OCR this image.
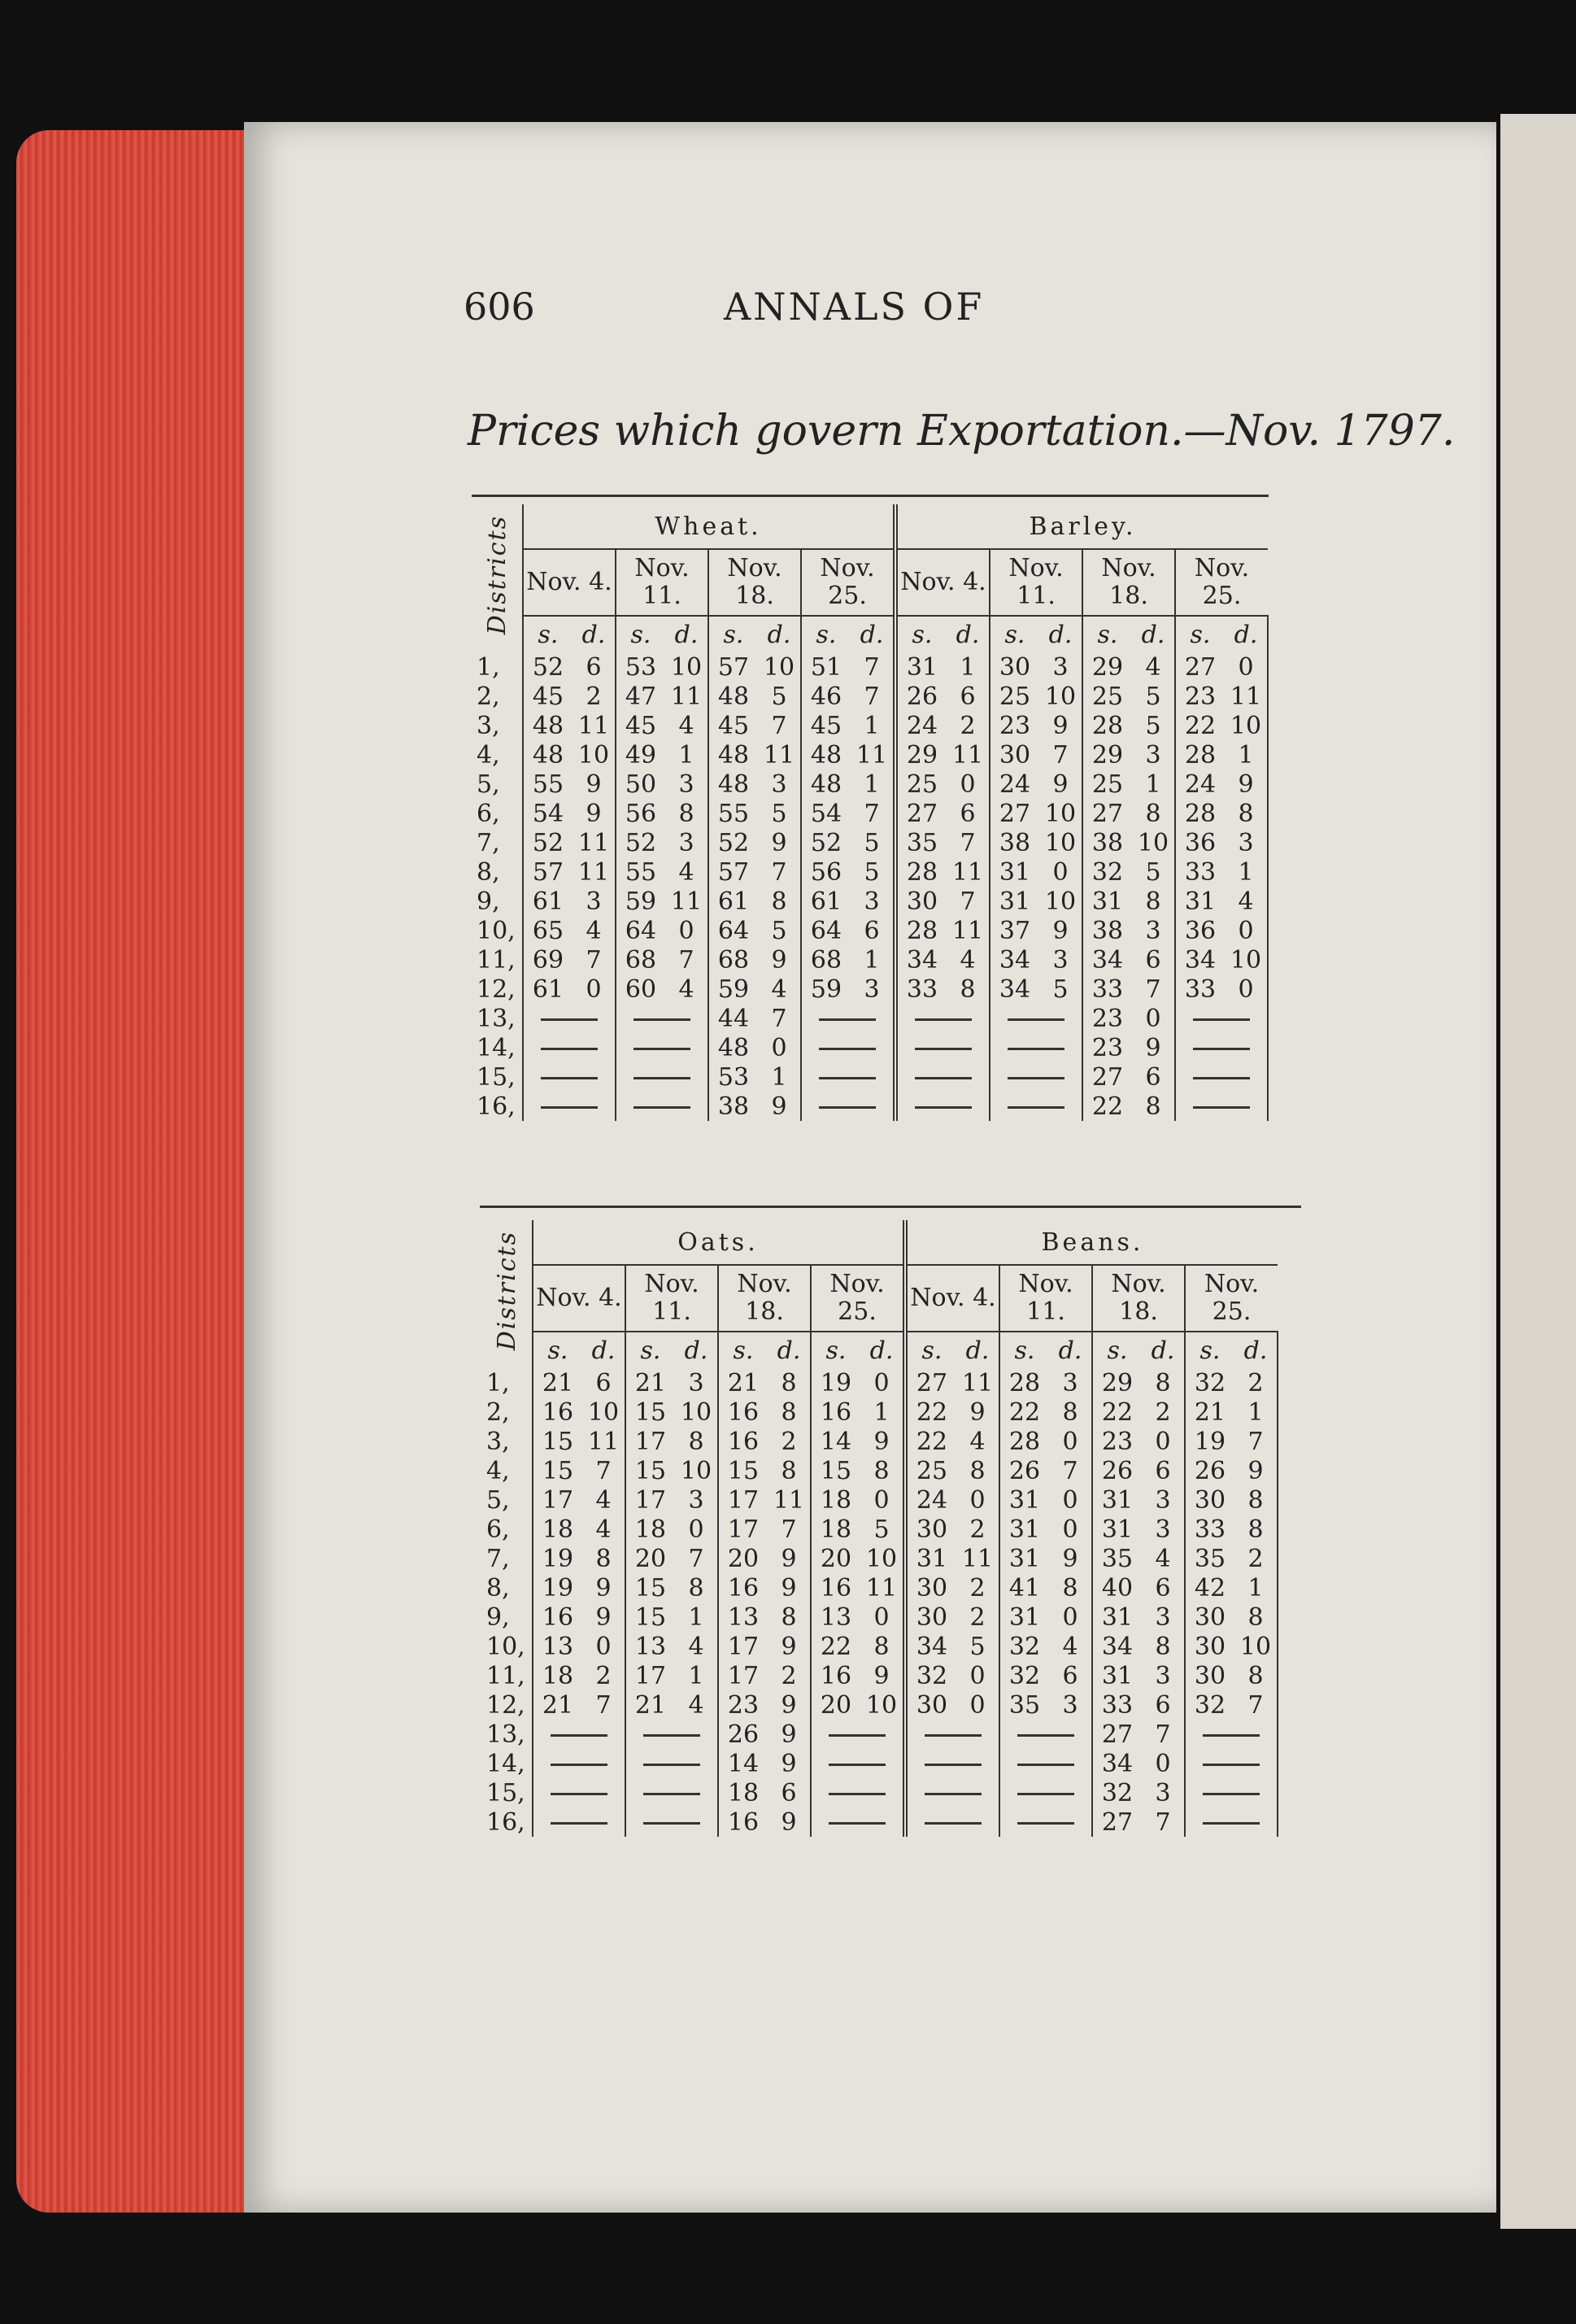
606	ANNALS OF
Prices which govern Exportation.—Nov. 1797.
Districts	Wheat.								Barley.							
	Nov. 4.		Nov. 11.		Nov. 18.		Nov. 25.		Nov. 4.		Nov. 11.		Nov. 18.		Nov. 25.	
	s.	d.	s.	d.	s.	d.	s.	d.	s.	d.	s.	d.	s.	d.	s.	d.
1,	52	6	53	10	57	10	51	7	31	1	30	3	29	4	27	0
2,	45	2	47	11	48	5	46	7	26	6	25	10	25	5	23	11
3,	48	11	45	4	45	7	45	1	24	2	23	9	28	5	22	10
4,	48	10	49	1	48	11	48	11	29	11	30	7	29	3	28	1
5,	55	9	50	3	48	3	48	1	25	0	24	9	25	1	24	9
6,	54	9	56	8	55	5	54	7	27	6	27	10	27	8	28	8
7,	52	11	52	3	52	9	52	5	35	7	38	10	38	10	36	3
8,	57	11	55	4	57	7	56	5	28	11	31	0	32	5	33	1
9,	61	3	59	11	61	8	61	3	30	7	31	10	31	8	31	4
10,	65	4	64	0	64	5	64	6	28	11	37	9	38	3	36	0
11,	69	7	68	7	68	9	68	1	34	4	34	3	34	6	34	10
12,	61	0	60	4	59	4	59	3	33	8	34	5	33	7	33	0
13,					44	7							23	0	
14,					48	0							23	9	
15,					53	1							27	6	
16,					38	9							22	8	
Districts	Oats.								Beans.							
	Nov. 4.		Nov. 11.		Nov. 18.		Nov. 25.		Nov. 4.		Nov. 11.		Nov. 18.		Nov. 25.	
	s.	d.	s.	d.	s.	d.	s.	d.	s.	d.	s.	d.	s.	d.	s.	d.
1,	21	6	21	3	21	8	19	0	27	11	28	3	29	8	32	2
2,	16	10	15	10	16	8	16	1	22	9	22	8	22	2	21	1
3,	15	11	17	8	16	2	14	9	22	4	28	0	23	0	19	7
4,	15	7	15	10	15	8	15	8	25	8	26	7	26	6	26	9
5,	17	4	17	3	17	11	18	0	24	0	31	0	31	3	30	8
6,	18	4	18	0	17	7	18	5	30	2	31	0	31	3	33	8
7,	19	8	20	7	20	9	20	10	31	11	31	9	35	4	35	2
8,	19	9	15	8	16	9	16	11	30	2	41	8	40	6	42	1
9,	16	9	15	1	13	8	13	0	30	2	31	0	31	3	30	8
10,	13	0	13	4	17	9	22	8	34	5	32	4	34	8	30	10
11,	18	2	17	1	17	2	16	9	32	0	32	6	31	3	30	8
12,	21	7	21	4	23	9	20	10	30	0	35	3	33	6	32	7
13,					26	9							27	7	
14,					14	9							34	0	
15,					18	6							32	3	
16,					16	9							27	7	
